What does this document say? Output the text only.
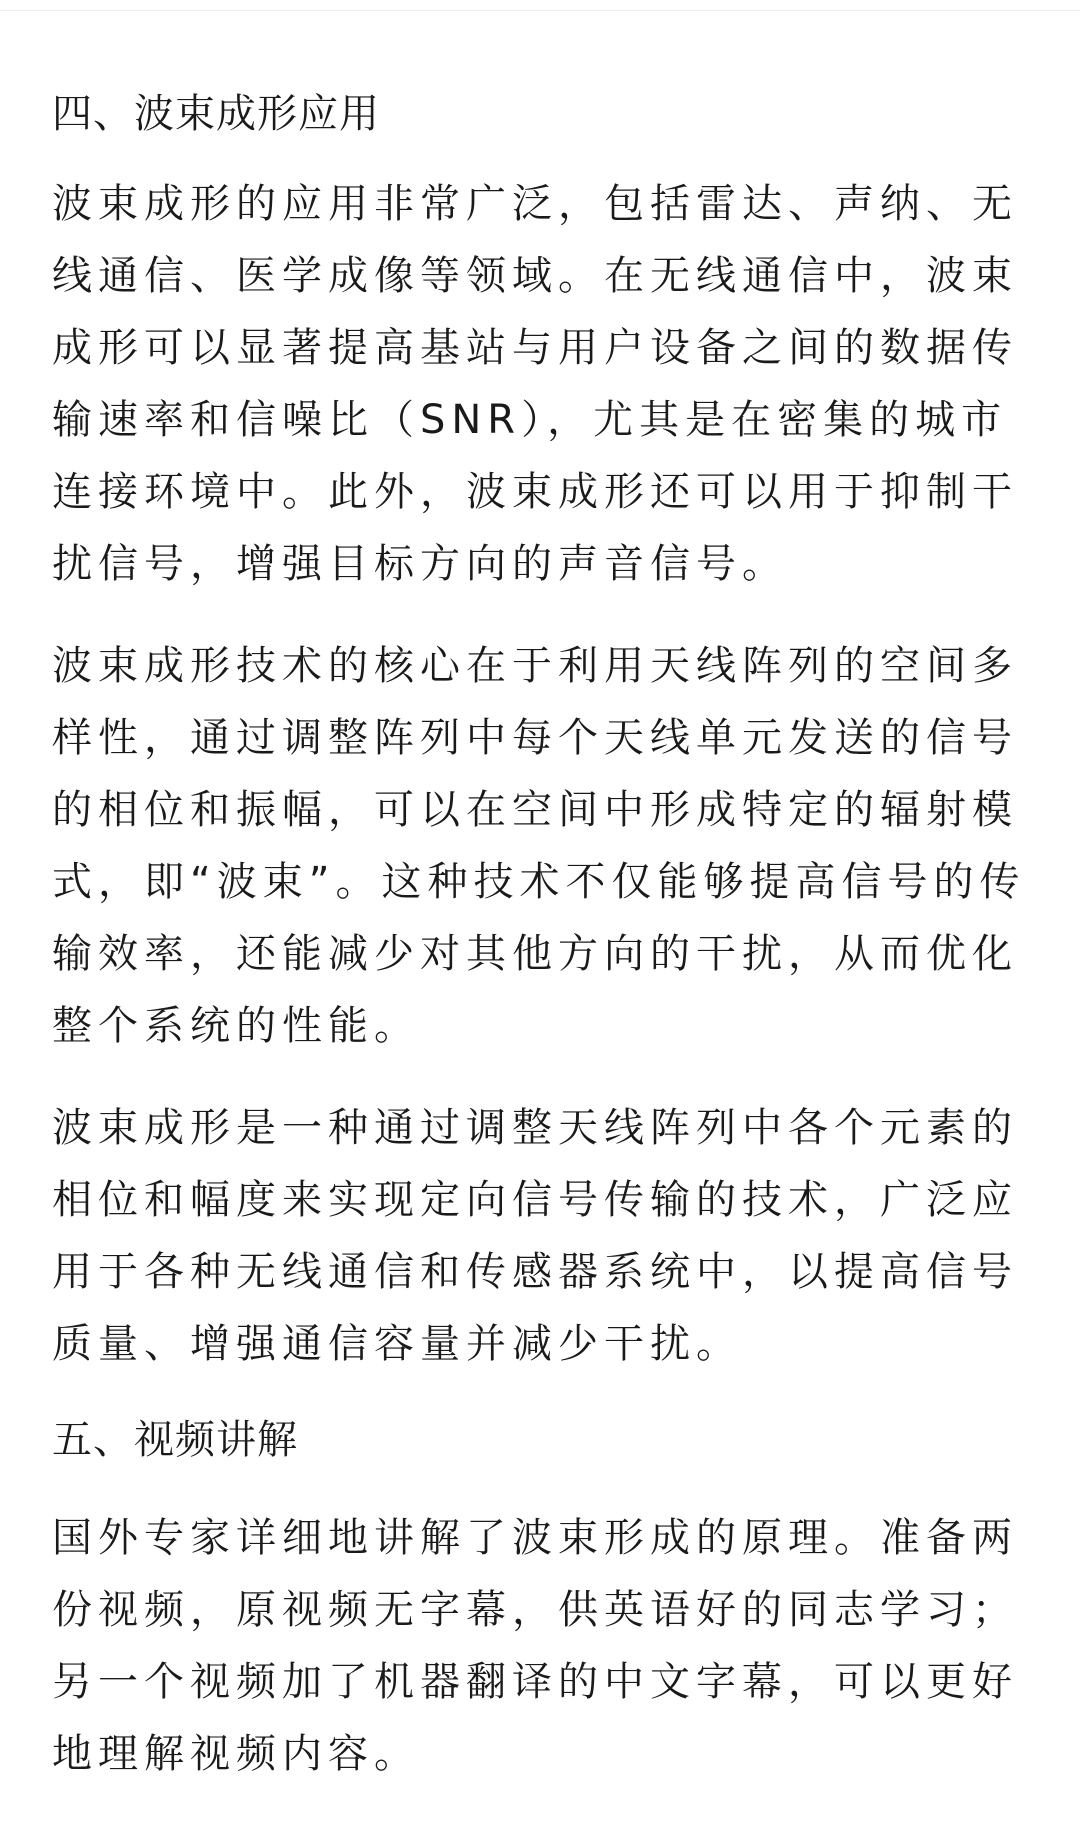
四、波束成形应用

波束成形的应用非常广泛，包括雷达、声纳、无线通信、医学成像等领域。在无线通信中，波束成形可以显著提高基站与用户设备之间的数据传输速率和信噪比（SNR），尤其是在密集的城市连接环境中。此外，波束成形还可以用于抑制干扰信号，增强目标方向的声音信号。

波束成形技术的核心在于利用天线阵列的空间多样性，通过调整阵列中每个天线单元发送的信号的相位和振幅，可以在空间中形成特定的辐射模式，即“波束”。这种技术不仅能够提高信号的传输效率，还能减少对其他方向的干扰，从而优化整个系统的性能。

波束成形是一种通过调整天线阵列中各个元素的相位和幅度来实现定向信号传输的技术，广泛应用于各种无线通信和传感器系统中，以提高信号质量、增强通信容量并减少干扰。

五、视频讲解

国外专家详细地讲解了波束形成的原理。准备两份视频，原视频无字幕，供英语好的同志学习；另一个视频加了机器翻译的中文字幕，可以更好地理解视频内容。
